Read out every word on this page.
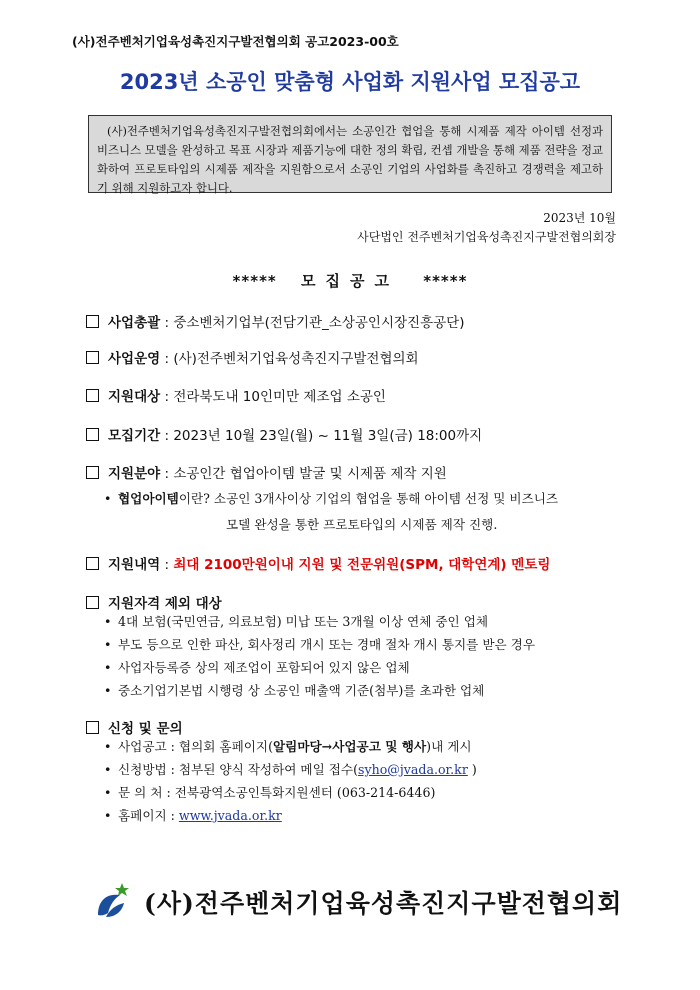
(사)전주벤처기업육성촉진지구발전협의회 공고2023-00호
2023년 소공인 맞춤형 사업화 지원사업 모집공고
(사)전주벤처기업육성촉진지구발전협의회에서는 소공인간 협업을 통해 시제품 제작 아이템 선정과 비즈니스 모델을 완성하고 목표 시장과 제품기능에 대한 정의 확립, 컨셉 개발을 통해 제품 전략을 정교화하여 프로토타입의 시제품 제작을 지원함으로서 소공인 기업의 사업화를 촉진하고 경쟁력을 제고하기 위해 지원하고자 합니다.
2023년 10월
사단법인 전주벤처기업육성촉진지구발전협의회장
***** 모집공고 *****
사업총괄 : 중소벤처기업부(전담기관_소상공인시장진흥공단)
사업운영 : (사)전주벤처기업육성촉진지구발전협의회
지원대상 : 전라북도내 10인미만 제조업 소공인
모집기간 : 2023년 10월 23일(월) ~ 11월 3일(금) 18:00까지
지원분야 : 소공인간 협업아이템 발굴 및 시제품 제작 지원
• 협업아이템이란? 소공인 3개사이상 기업의 협업을 통해 아이템 선정 및 비즈니즈
모델 완성을 통한 프로토타입의 시제품 제작 진행.
지원내역 : 최대 2100만원이내 지원 및 전문위원(SPM, 대학연계) 멘토링
지원자격 제외 대상
• 4대 보험(국민연금, 의료보험) 미납 또는 3개월 이상 연체 중인 업체
• 부도 등으로 인한 파산, 회사정리 개시 또는 경매 절차 개시 통지를 받은 경우
• 사업자등록증 상의 제조업이 포함되어 있지 않은 업체
• 중소기업기본법 시행령 상 소공인 매출액 기준(첨부)를 초과한 업체
신청 및 문의
• 사업공고 : 협의회 홈페이지(알림마당→사업공고 및 행사)내 게시
• 신청방법 : 첨부된 양식 작성하여 메일 접수(syho@jvada.or.kr )
• 문 의 처 : 전북광역소공인특화지원센터 (063-214-6446)
• 홈페이지 : www.jvada.or.kr
(사)전주벤처기업육성촉진지구발전협의회
